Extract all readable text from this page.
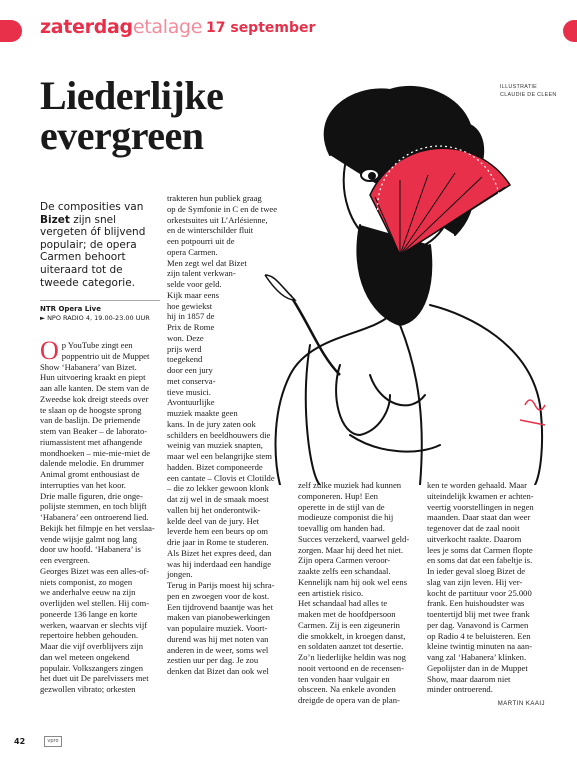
zaterdagetalage 17 september
Liederlijke
evergreen
ILLUSTRATIE
CLAUDIE DE CLEEN
De composities van Bizet zijn snel vergeten óf blijvend populair; de opera Carmen behoort uiteraard tot de tweede categorie.
NTR Opera Live
► NPO RADIO 4, 19.00-23.00 UUR
O p YouTube zingt een

poppentrio uit de Muppet

Show ‘Habanera’ van Bizet.

Hun uitvoering kraakt en piept

aan alle kanten. De stem van de

Zweedse kok dreigt steeds over

te slaan op de hoogste sprong

van de baslijn. De priemende

stem van Beaker – de laborato-

riumassistent met afhangende

mondhoeken – mie-mie-miet de

dalende melodie. En drummer

Animal gromt enthousiast de

interrupties van het koor.

Drie malle figuren, drie onge-

polijste stemmen, en toch blijft

‘Habanera’ een ontroerend lied.

Bekijk het filmpje en het verslaa-

vende wijsje galmt nog lang

door uw hoofd. ‘Habanera’ is

een evergreen.

Georges Bizet was een alles-of-

niets componist, zo mogen

we anderhalve eeuw na zijn

overlijden wel stellen. Hij com-

poneerde 136 lange en korte

werken, waarvan er slechts vijf

repertoire hebben gehouden.

Maar die vijf overblijvers zijn

dan wel meteen ongekend

populair. Volkszangers zingen

het duet uit De parelvissers met

gezwollen vibrato; orkesten

trakteren hun publiek graag

op de Symfonie in C en de twee

orkestsuites uit L’Arlésienne,

en de winterschilder fluit

een potpourri uit de

opera Carmen.

Men zegt wel dat Bizet

zijn talent verkwan-

selde voor geld.

Kijk maar eens

hoe gewiekst

hij in 1857 de

Prix de Rome

won. Deze

prijs werd

toegekend

door een jury

met conserva-

tieve musici.

Avontuurlijke

muziek maakte geen

kans. In de jury zaten ook

schilders en beeldhouwers die

weinig van muziek snapten,

maar wel een belangrijke stem

hadden. Bizet componeerde

een cantate – Clovis et Clotilde

– die zo lekker gewoon klonk

dat zij wel in de smaak moest

vallen bij het onderontwik-

kelde deel van de jury. Het

leverde hem een beurs op om

drie jaar in Rome te studeren.

Als Bizet het expres deed, dan

was hij inderdaad een handige

jongen.

Terug in Parijs moest hij schra-

pen en zwoegen voor de kost.

Een tijdrovend baantje was het

maken van pianobewerkingen

van populaire muziek. Voort-

durend was hij met noten van

anderen in de weer, soms wel

zestien uur per dag. Je zou

denken dat Bizet dan ook wel

zelf zulke muziek had kunnen

componeren. Hup! Een

operette in de stijl van de

modieuze componist die hij

toevallig om handen had.

Succes verzekerd, vaarwel geld-

zorgen. Maar hij deed het niet.

Zijn opera Carmen veroor-

zaakte zelfs een schandaal.

Kennelijk nam hij ook wel eens

een artistiek risico.

Het schandaal had alles te

maken met de hoofdpersoon

Carmen. Zij is een zigeunerin

die smokkelt, in kroegen danst,

en soldaten aanzet tot desertie.

Zo’n liederlijke heldin was nog

nooit vertoond en de recensen-

ten vonden haar vulgair en

obsceen. Na enkele avonden

dreigde de opera van de plan-

ken te worden gehaald. Maar

uiteindelijk kwamen er achten-

veertig voorstellingen in negen

maanden. Daar staat dan weer

tegenover dat de zaal nooit

uitverkocht raakte. Daarom

lees je soms dat Carmen flopte

en soms dat dat een fabeltje is.

In ieder geval sloeg Bizet de

slag van zijn leven. Hij ver-

kocht de partituur voor 25.000

frank. Een huishoudster was

toentertijd blij met twee frank

per dag. Vanavond is Carmen

op Radio 4 te beluisteren. Een

kleine twintig minuten na aan-

vang zal ‘Habanera’ klinken.

Gepolijster dan in de Muppet

Show, maar daarom niet

minder ontroerend.

MARTIN KAAIJ

42	vpro
